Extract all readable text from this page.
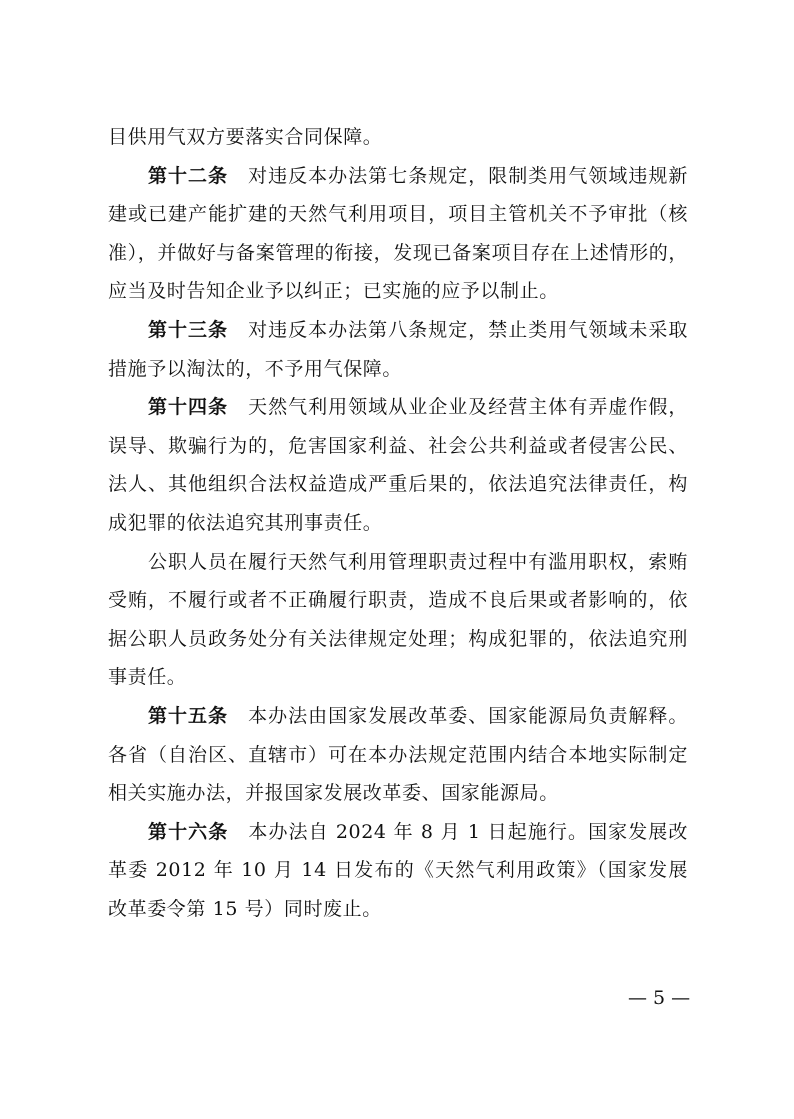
目供用气双方要落实合同保障。

第十二条　 对违反本办法第七条规定，限制类用气领域违规新建或已建产能扩建的天然气利用项目，项目主管机关不予审批（核准），并做好与备案管理的衔接，发现已备案项目存在上述情形的，应当及时告知企业予以纠正；已实施的应予以制止。

第十三条　 对违反本办法第八条规定，禁止类用气领域未采取措施予以淘汰的，不予用气保障。

第十四条　 天然气利用领域从业企业及经营主体有弄虚作假，误导、欺骗行为的，危害国家利益、社会公共利益或者侵害公民、法人、其他组织合法权益造成严重后果的，依法追究法律责任，构成犯罪的依法追究其刑事责任。

公职人员在履行天然气利用管理职责过程中有滥用职权，索贿受贿，不履行或者不正确履行职责，造成不良后果或者影响的，依据公职人员政务处分有关法律规定处理；构成犯罪的，依法追究刑事责任。

第十五条　 本办法由国家发展改革委、国家能源局负责解释。各省（自治区、直辖市）可在本办法规定范围内结合本地实际制定相关实施办法，并报国家发展改革委、国家能源局。

第十六条　 本办法自 2024 年 8 月 1 日起施行。国家发展改革委 2012 年 10 月 14 日发布的《天然气利用政策》（国家发展改革委令第 15 号）同时废止。

— 5 —
